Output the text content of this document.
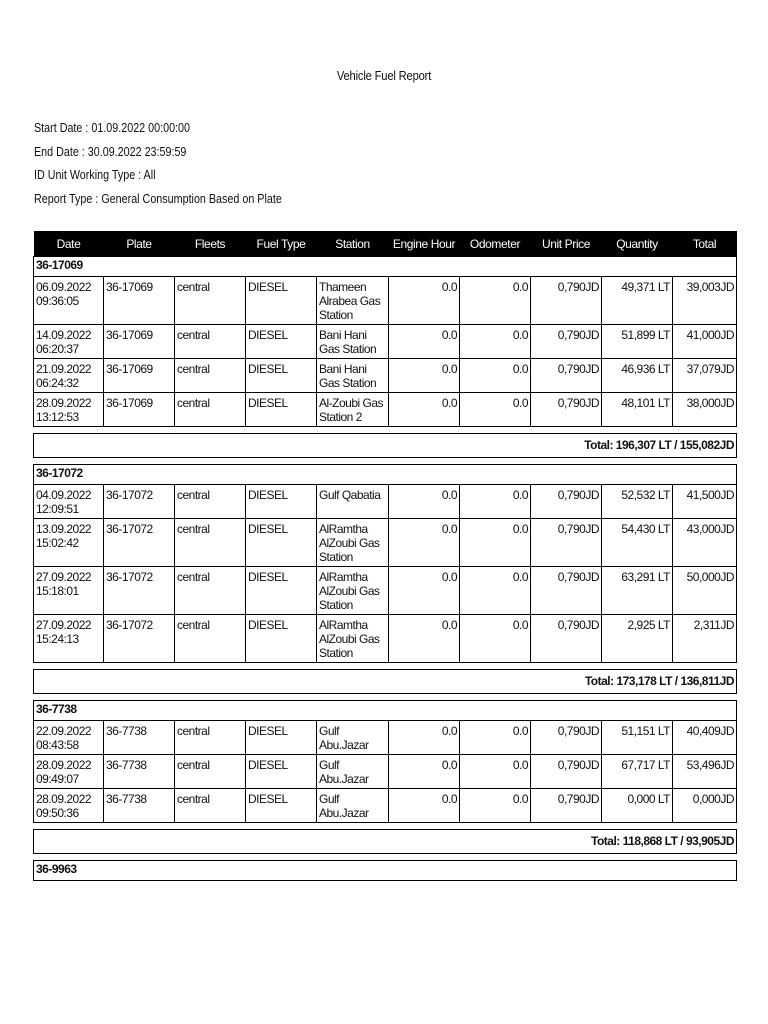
Vehicle Fuel Report
Start Date : 01.09.2022 00:00:00
End Date : 30.09.2022 23:59:59
ID Unit Working Type : All
Report Type : General Consumption Based on Plate
Date	Plate	Fleets	Fuel Type	Station	Engine Hour	Odometer	Unit Price	Quantity	Total
36-17069									
06.09.2022
09:36:05	36-17069	central	DIESEL	Thameen Alrabea Gas Station	0.0	0.0	0,790JD	49,371 LT	39,003JD
14.09.2022
06:20:37	36-17069	central	DIESEL	Bani Hani Gas Station	0.0	0.0	0,790JD	51,899 LT	41,000JD
21.09.2022
06:24:32	36-17069	central	DIESEL	Bani Hani Gas Station	0.0	0.0	0,790JD	46,936 LT	37,079JD
28.09.2022
13:12:53	36-17069	central	DIESEL	Al-Zoubi Gas Station 2	0.0	0.0	0,790JD	48,101 LT	38,000JD

Total: 196,307 LT / 155,082JD									

36-17072									
04.09.2022
12:09:51	36-17072	central	DIESEL	Gulf Qabatia	0.0	0.0	0,790JD	52,532 LT	41,500JD
13.09.2022
15:02:42	36-17072	central	DIESEL	AlRamtha AlZoubi Gas Station	0.0	0.0	0,790JD	54,430 LT	43,000JD
27.09.2022
15:18:01	36-17072	central	DIESEL	AlRamtha AlZoubi Gas Station	0.0	0.0	0,790JD	63,291 LT	50,000JD
27.09.2022
15:24:13	36-17072	central	DIESEL	AlRamtha AlZoubi Gas Station	0.0	0.0	0,790JD	2,925 LT	2,311JD

Total: 173,178 LT / 136,811JD									

36-7738									
22.09.2022
08:43:58	36-7738	central	DIESEL	Gulf Abu.Jazar	0.0	0.0	0,790JD	51,151 LT	40,409JD
28.09.2022
09:49:07	36-7738	central	DIESEL	Gulf Abu.Jazar	0.0	0.0	0,790JD	67,717 LT	53,496JD
28.09.2022
09:50:36	36-7738	central	DIESEL	Gulf Abu.Jazar	0.0	0.0	0,790JD	0,000 LT	0,000JD

Total: 118,868 LT / 93,905JD									

36-9963									
